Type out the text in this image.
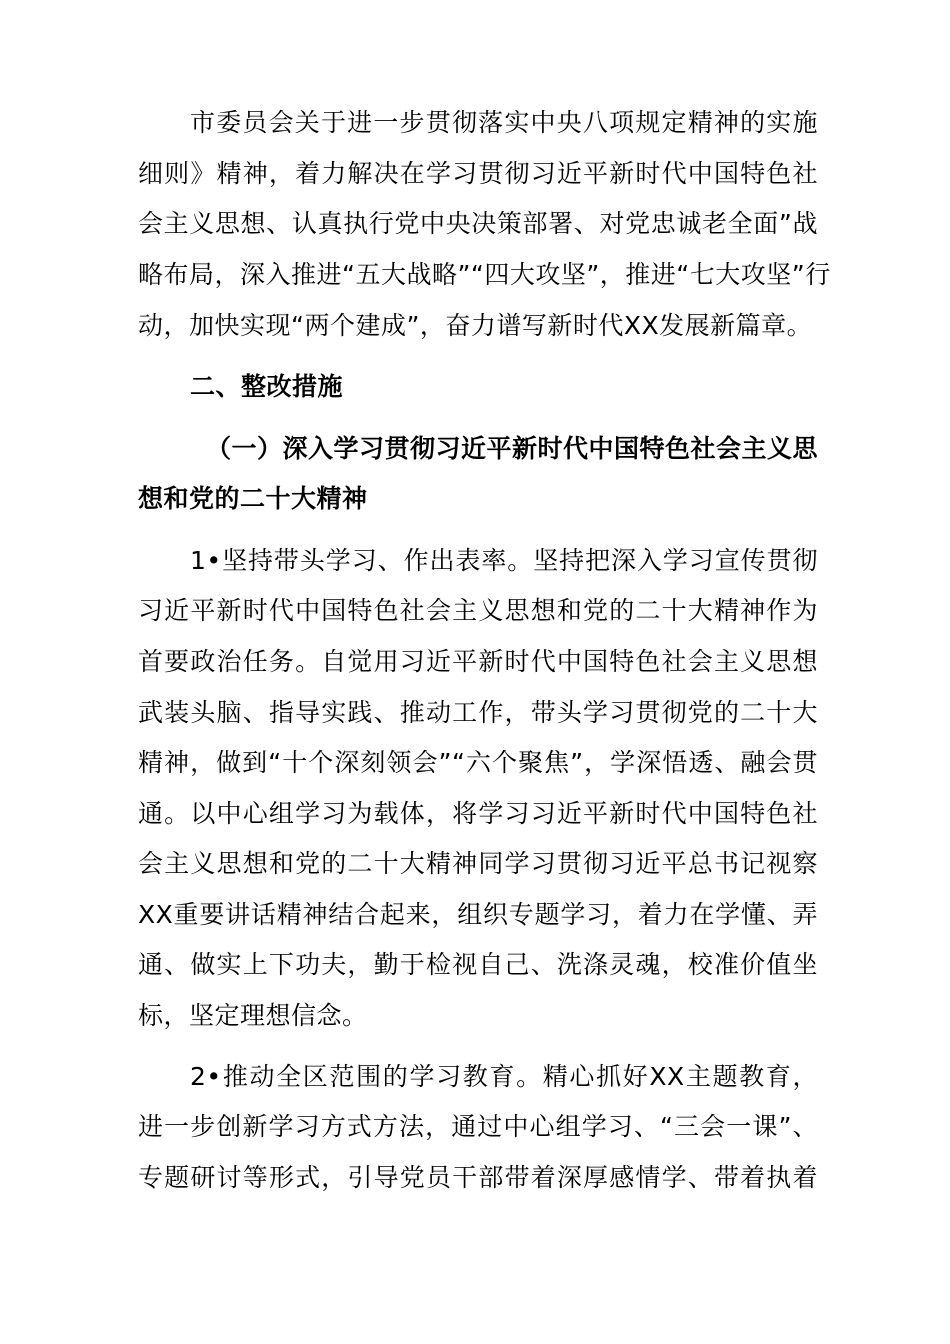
市委员会关于进一步贯彻落实中央八项规定精神的实施
细则》精神，着力解决在学习贯彻习近平新时代中国特色社
会主义思想、认真执行党中央决策部署、对党忠诚老全面”战
略布局，深入推进“五大战略”“四大攻坚”，推进“七大攻坚”行
动，加快实现“两个建成”，奋力谱写新时代XX发展新篇章。
二、整改措施
（一）深入学习贯彻习近平新时代中国特色社会主义思
想和党的二十大精神
1•坚持带头学习、作出表率。坚持把深入学习宣传贯彻
习近平新时代中国特色社会主义思想和党的二十大精神作为
首要政治任务。自觉用习近平新时代中国特色社会主义思想
武装头脑、指导实践、推动工作，带头学习贯彻党的二十大
精神，做到“十个深刻领会”“六个聚焦”，学深悟透、融会贯
通。以中心组学习为载体，将学习习近平新时代中国特色社
会主义思想和党的二十大精神同学习贯彻习近平总书记视察
XX重要讲话精神结合起来，组织专题学习，着力在学懂、弄
通、做实上下功夫，勤于检视自己、洗涤灵魂，校准价值坐
标，坚定理想信念。
2•推动全区范围的学习教育。精心抓好XX主题教育，
进一步创新学习方式方法，通过中心组学习、“三会一课”、
专题研讨等形式，引导党员干部带着深厚感情学、带着执着
